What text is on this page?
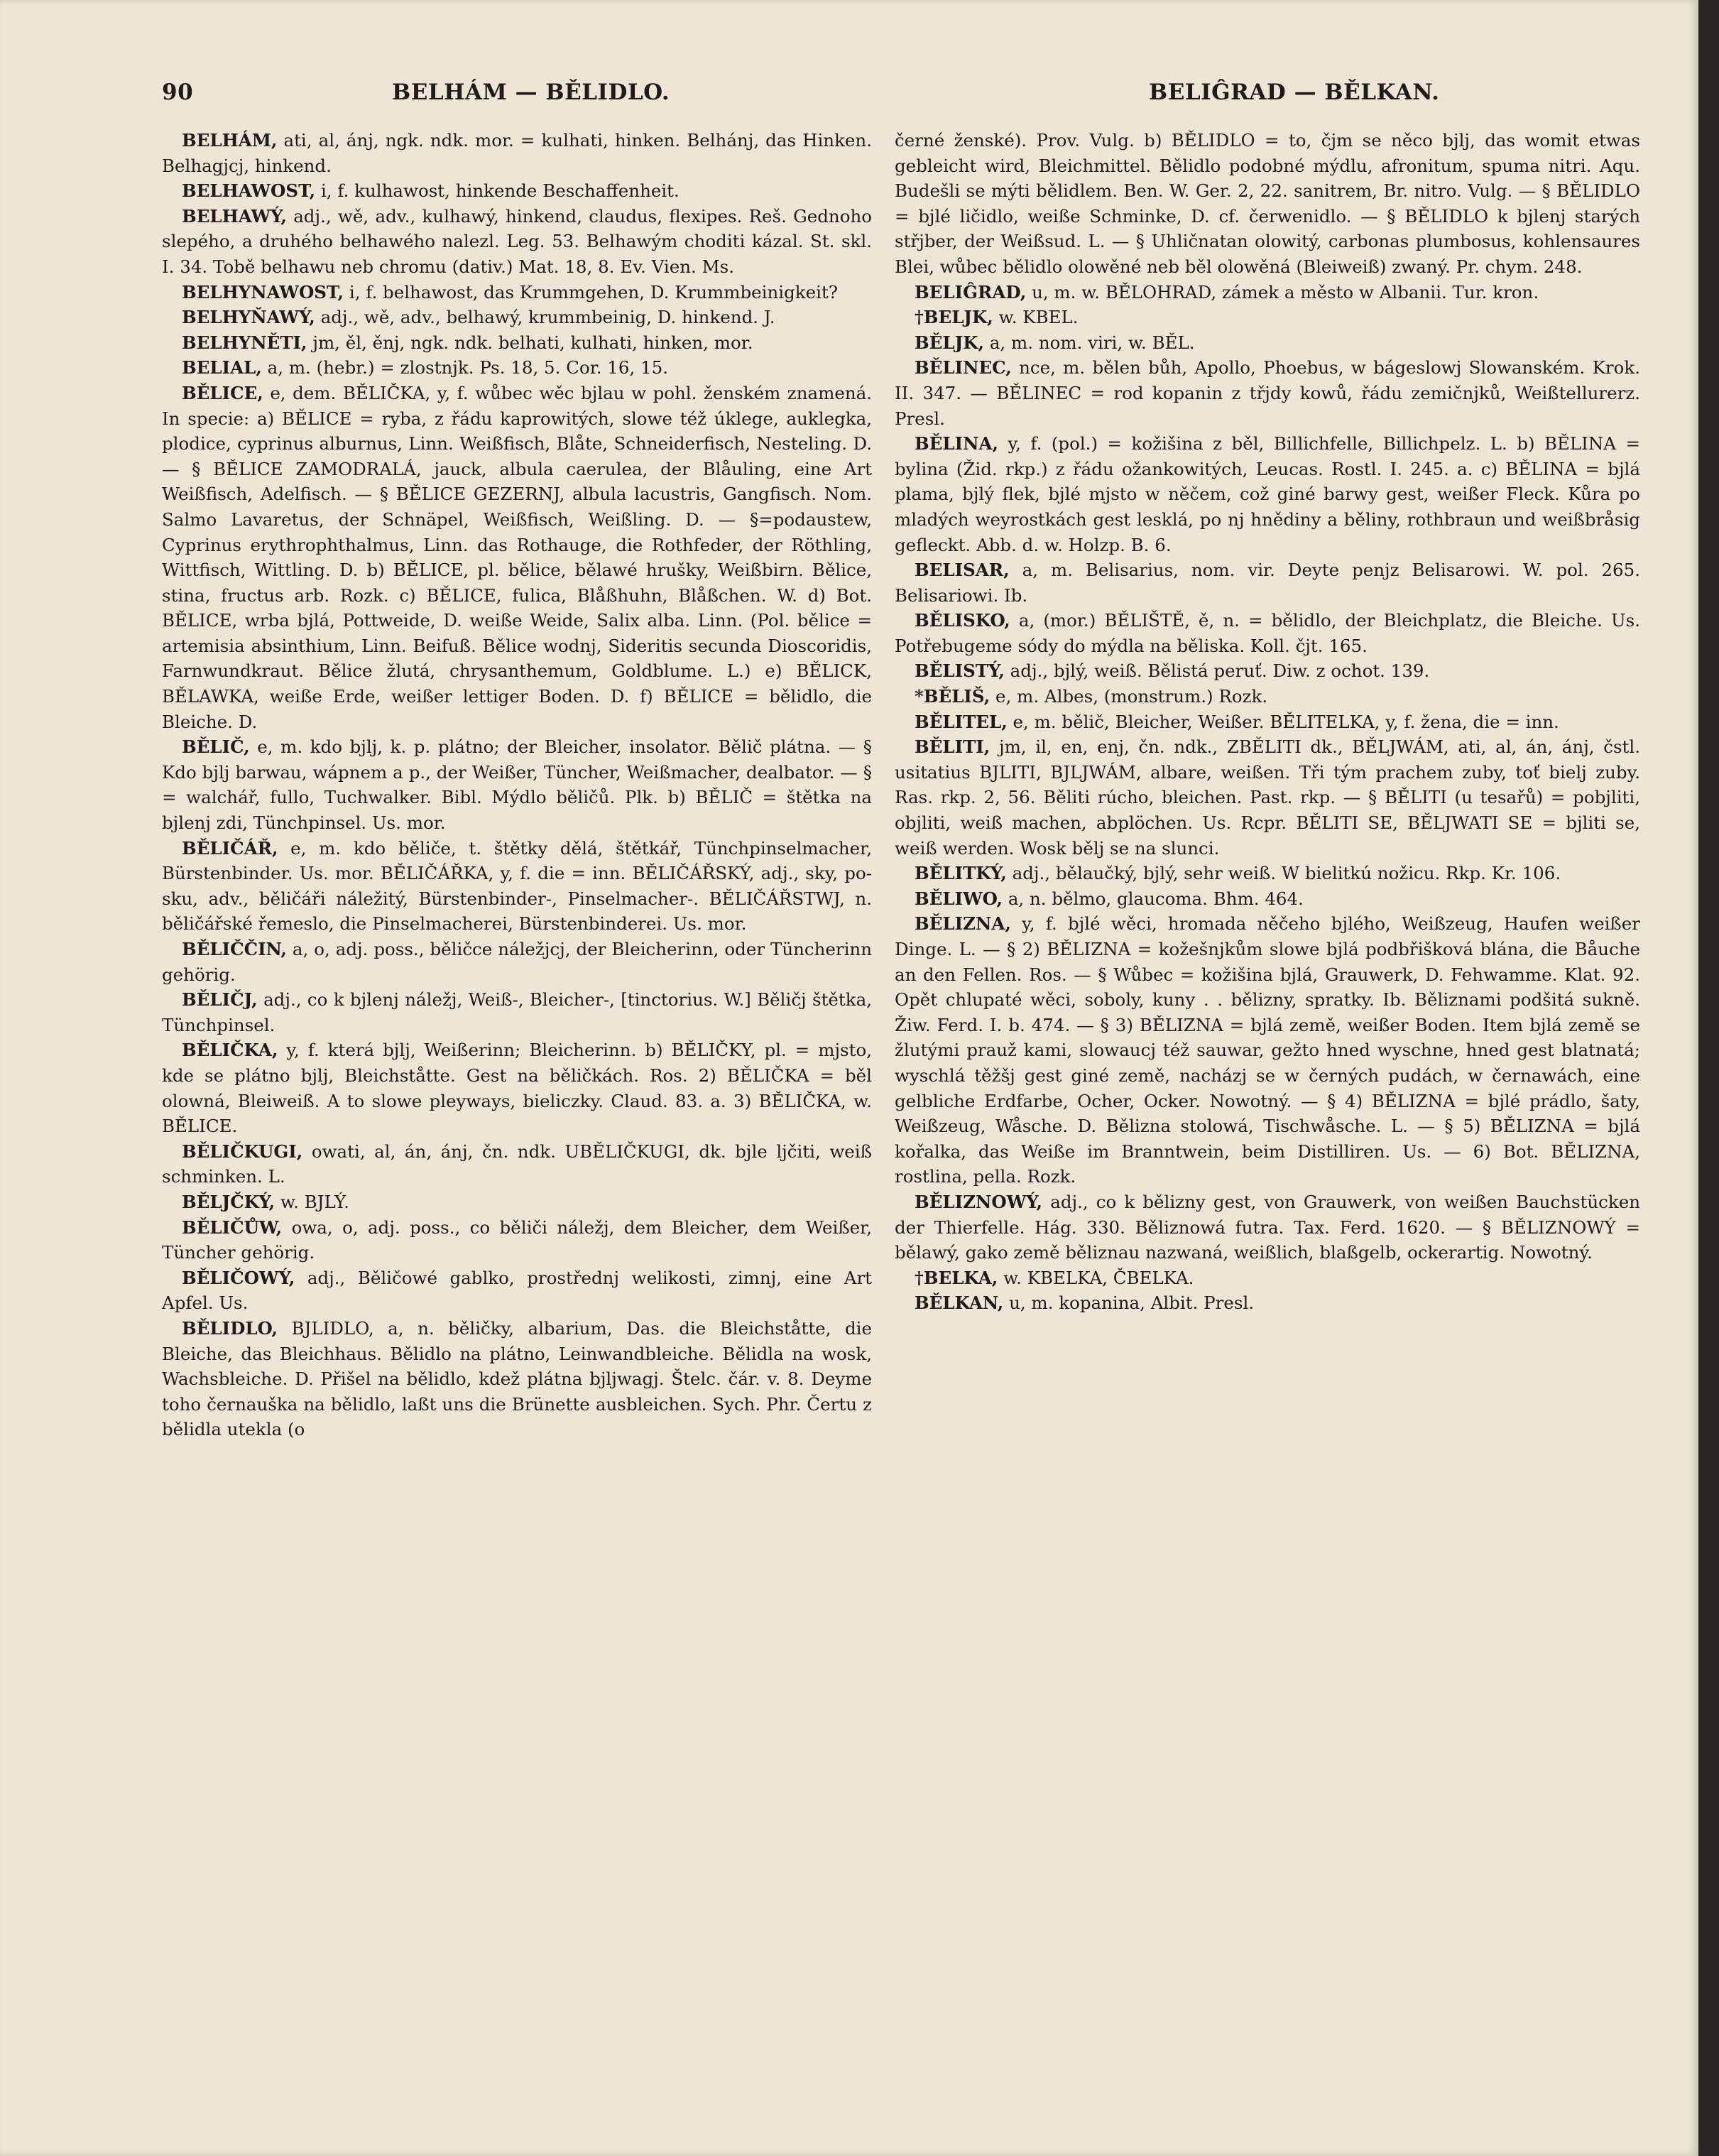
90	BELHÁM — BĚLIDLO.	BELIĜRAD — BĚLKAN.

BELHÁM, ati, al, ánj, ngk. ndk. mor. = kulhati, hinken. Belhánj, das Hinken. Belhagjcj, hinkend.

BELHAWOST, i, f. kulhawost, hinkende Beschaffenheit.

BELHAWÝ, adj., wě, adv., kulhawý, hinkend, claudus, flexipes. Reš. Gednoho slepého, a druhého belhawého nalezl. Leg. 53. Belhawým choditi kázal. St. skl. I. 34. Tobě belhawu neb chromu (dativ.) Mat. 18, 8. Ev. Vien. Ms.

BELHYNAWOST, i, f. belhawost, das Krummgehen, D. Krummbeinigkeit?

BELHYŇAWÝ, adj., wě, adv., belhawý, krummbeinig, D. hinkend. J.

BELHYNĚTI, jm, ěl, ěnj, ngk. ndk. belhati, kulhati, hinken, mor.

BELIAL, a, m. (hebr.) = zlostnjk. Ps. 18, 5. Cor. 16, 15.

BĚLICE, e, dem. BĚLIČKA, y, f. wůbec wěc bjlau w pohl. ženském znamená. In specie: a) BĚLICE = ryba, z řádu kaprowitých, slowe též úklege, auklegka, plodice, cyprinus alburnus, Linn. Weißfisch, Blåte, Schneiderfisch, Nesteling. D. — § BĚLICE ZAMODRALÁ, jauck, albula caerulea, der Blåuling, eine Art Weißfisch, Adelfisch. — § BĚLICE GEZERNJ, albula lacustris, Gangfisch. Nom. Salmo Lavaretus, der Schnäpel, Weißfisch, Weißling. D. — §=podaustew, Cyprinus erythrophthalmus, Linn. das Rothauge, die Rothfeder, der Röthling, Wittfisch, Wittling. D. b) BĚLICE, pl. bělice, bělawé hrušky, Weißbirn. Bělice, stina, fructus arb. Rozk. c) BĚLICE, fulica, Blåßhuhn, Blåßchen. W. d) Bot. BĚLICE, wrba bjlá, Pottweide, D. weiße Weide, Salix alba. Linn. (Pol. bělice = artemisia absinthium, Linn. Beifuß. Bělice wodnj, Sideritis secunda Dioscoridis, Farnwundkraut. Bělice žlutá, chrysanthemum, Goldblume. L.) e) BĚLICK, BĚLAWKA, weiße Erde, weißer lettiger Boden. D. f) BĚLICE = bělidlo, die Bleiche. D.

BĚLIČ, e, m. kdo bjlj, k. p. plátno; der Bleicher, insolator. Bělič plátna. — § Kdo bjlj barwau, wápnem a p., der Weißer, Tüncher, Weißmacher, dealbator. — § = walchář, fullo, Tuchwalker. Bibl. Mýdlo běličů. Plk. b) BĚLIČ = štětka na bjlenj zdi, Tünchpinsel. Us. mor.

BĚLIČÁŘ, e, m. kdo běliče, t. štětky dělá, štětkář, Tünchpinselmacher, Bürstenbinder. Us. mor. BĚLIČÁŘKA, y, f. die = inn. BĚLIČÁŘSKÝ, adj., sky, po-sku, adv., běličáři náležitý, Bürstenbinder-, Pinselmacher-. BĚLIČÁŘSTWJ, n. běličářské řemeslo, die Pinselmacherei, Bürstenbinderei. Us. mor.

BĚLIČČIN, a, o, adj. poss., běličce náležjcj, der Bleicherinn, oder Tüncherinn gehörig.

BĚLIČJ, adj., co k bjlenj náležj, Weiß-, Bleicher-, [tinctorius. W.] Běličj štětka, Tünchpinsel.

BĚLIČKA, y, f. která bjlj, Weißerinn; Bleicherinn. b) BĚLIČKY, pl. = mjsto, kde se plátno bjlj, Bleichståtte. Gest na běličkách. Ros. 2) BĚLIČKA = běl olowná, Bleiweiß. A to slowe pleyways, bieliczky. Claud. 83. a. 3) BĚLIČKA, w. BĚLICE.

BĚLIČKUGI, owati, al, án, ánj, čn. ndk. UBĚLIČKUGI, dk. bjle ljčiti, weiß schminken. L.

BĚLJČKÝ, w. BJLÝ.

BĚLIČŮW, owa, o, adj. poss., co běliči náležj, dem Bleicher, dem Weißer, Tüncher gehörig.

BĚLIČOWÝ, adj., Běličowé gablko, prostřednj welikosti, zimnj, eine Art Apfel. Us.

BĚLIDLO, BJLIDLO, a, n. běličky, albarium, Das. die Bleichståtte, die Bleiche, das Bleichhaus. Bělidlo na plátno, Leinwandbleiche. Bělidla na wosk, Wachsbleiche. D. Přišel na bělidlo, kdež plátna bjljwagj. Štelc. čár. v. 8. Deyme toho černauška na bělidlo, laßt uns die Brünette ausbleichen. Sych. Phr. Čertu z bělidla utekla (o

černé ženské). Prov. Vulg. b) BĚLIDLO = to, čjm se něco bjlj, das womit etwas gebleicht wird, Bleichmittel. Bělidlo podobné mýdlu, afronitum, spuma nitri. Aqu. Budešli se mýti bělidlem. Ben. W. Ger. 2, 22. sanitrem, Br. nitro. Vulg. — § BĚLIDLO = bjlé ličidlo, weiße Schminke, D. cf. čerwenidlo. — § BĚLIDLO k bjlenj starých střjber, der Weißsud. L. — § Uhličnatan olowitý, carbonas plumbosus, kohlensaures Blei, wůbec bělidlo olowěné neb běl olowěná (Bleiweiß) zwaný. Pr. chym. 248.

BELIĜRAD, u, m. w. BĚLOHRAD, zámek a město w Albanii. Tur. kron.

†BELJK, w. KBEL.

BĚLJK, a, m. nom. viri, w. BĚL.

BĚLINEC, nce, m. bělen bůh, Apollo, Phoebus, w bágeslowj Slowanském. Krok. II. 347. — BĚLINEC = rod kopanin z třjdy kowů, řádu zemičnjků, Weißtellurerz. Presl.

BĚLINA, y, f. (pol.) = kožišina z běl, Billichfelle, Billichpelz. L. b) BĚLINA = bylina (Žid. rkp.) z řádu ožankowitých, Leucas. Rostl. I. 245. a. c) BĚLINA = bjlá plama, bjlý flek, bjlé mjsto w něčem, což giné barwy gest, weißer Fleck. Kůra po mladých weyrostkách gest lesklá, po nj hnědiny a běliny, rothbraun und weißbråsig gefleckt. Abb. d. w. Holzp. B. 6.

BELISAR, a, m. Belisarius, nom. vir. Deyte penjz Belisarowi. W. pol. 265. Belisariowi. Ib.

BĚLISKO, a, (mor.) BĚLIŠTĚ, ě, n. = bělidlo, der Bleichplatz, die Bleiche. Us. Potřebugeme sódy do mýdla na běliska. Koll. čjt. 165.

BĚLISTÝ, adj., bjlý, weiß. Bělistá peruť. Diw. z ochot. 139.

*BĚLIŠ, e, m. Albes, (monstrum.) Rozk.

BĚLITEL, e, m. bělič, Bleicher, Weißer. BĚLITELKA, y, f. žena, die = inn.

BĚLITI, jm, il, en, enj, čn. ndk., ZBĚLITI dk., BĚLJWÁM, ati, al, án, ánj, čstl. usitatius BJLITI, BJLJWÁM, albare, weißen. Tři tým prachem zuby, toť bielj zuby. Ras. rkp. 2, 56. Běliti rúcho, bleichen. Past. rkp. — § BĚLITI (u tesařů) = pobjliti, objliti, weiß machen, abplöchen. Us. Rcpr. BĚLITI SE, BĚLJWATI SE = bjliti se, weiß werden. Wosk bělj se na slunci.

BĚLITKÝ, adj., bělaučký, bjlý, sehr weiß. W bielitkú nožicu. Rkp. Kr. 106.

BĚLIWO, a, n. bělmo, glaucoma. Bhm. 464.

BĚLIZNA, y, f. bjlé wěci, hromada něčeho bjlého, Weißzeug, Haufen weißer Dinge. L. — § 2) BĚLIZNA = kožešnjkům slowe bjlá podbřišková blána, die Båuche an den Fellen. Ros. — § Wůbec = kožišina bjlá, Grauwerk, D. Fehwamme. Klat. 92. Opět chlupaté wěci, soboly, kuny . . bělizny, spratky. Ib. Běliznami podšitá sukně. Žiw. Ferd. I. b. 474. — § 3) BĚLIZNA = bjlá země, weißer Boden. Item bjlá země se žlutými prauž kami, slowaucj též sauwar, gežto hned wyschne, hned gest blatnatá; wyschlá těžšj gest giné země, nacházj se w černých pudách, w černawách, eine gelbliche Erdfarbe, Ocher, Ocker. Nowotný. — § 4) BĚLIZNA = bjlé prádlo, šaty, Weißzeug, Wåsche. D. Bělizna stolowá, Tischwåsche. L. — § 5) BĚLIZNA = bjlá kořalka, das Weiße im Branntwein, beim Distilliren. Us. — 6) Bot. BĚLIZNA, rostlina, pella. Rozk.

BĚLIZNOWÝ, adj., co k bělizny gest, von Grauwerk, von weißen Bauchstücken der Thierfelle. Hág. 330. Běliznowá futra. Tax. Ferd. 1620. — § BĚLIZNOWÝ = bělawý, gako země běliznau nazwaná, weißlich, blaßgelb, ockerartig. Nowotný.

†BELKA, w. KBELKA, ČBELKA.

BĚLKAN, u, m. kopanina, Albit. Presl.
